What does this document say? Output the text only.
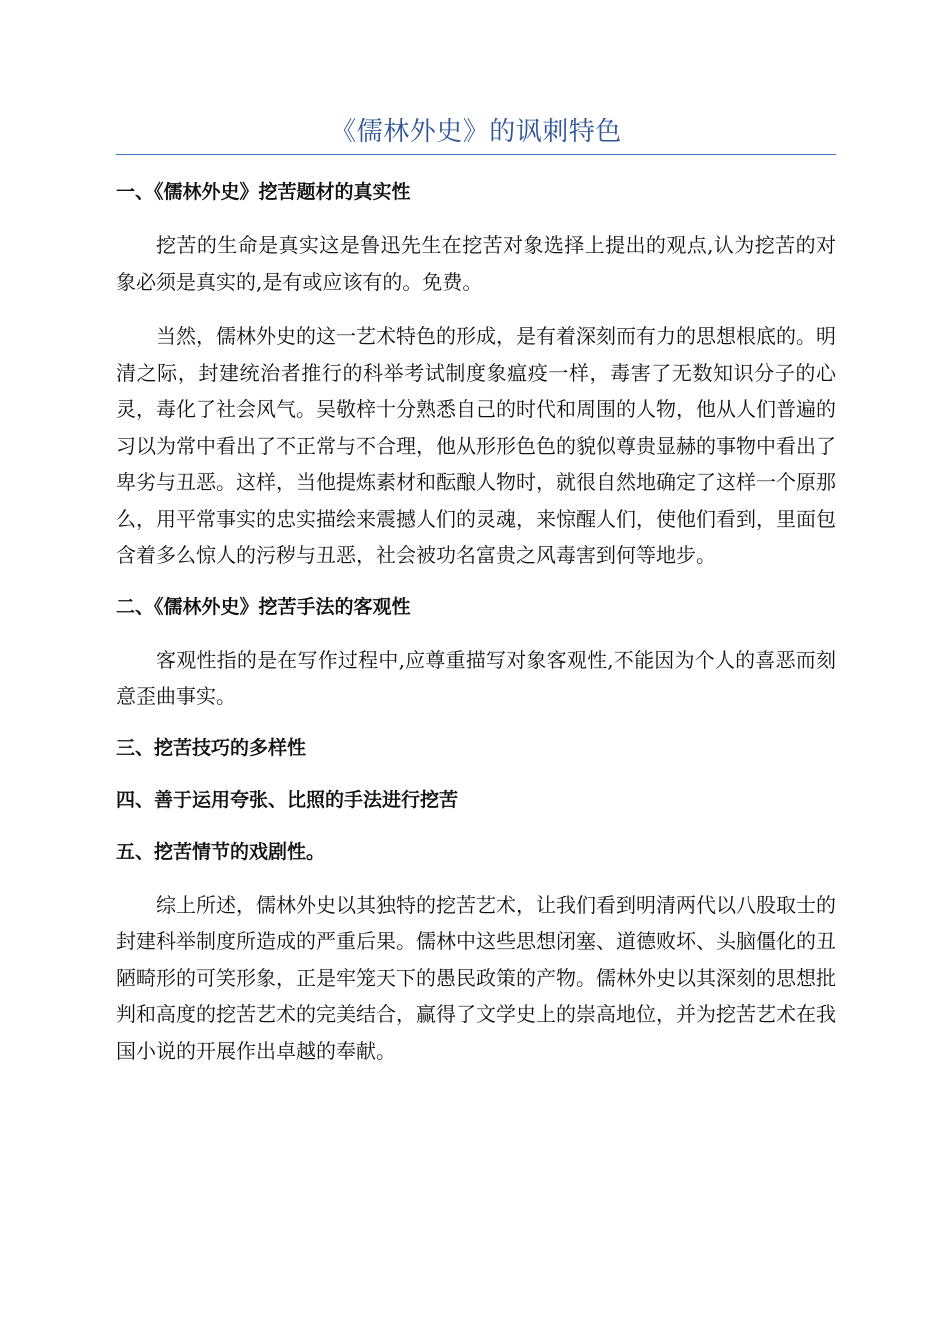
《儒林外史》的讽刺特色
一、《儒林外史》挖苦题材的真实性

挖苦的生命是真实这是鲁迅先生在挖苦对象选择上提出的观点,认为挖苦的对象必须是真实的,是有或应该有的。免费。

当然，儒林外史的这一艺术特色的形成，是有着深刻而有力的思想根底的。明清之际，封建统治者推行的科举考试制度象瘟疫一样，毒害了无数知识分子的心灵，毒化了社会风气。吴敬梓十分熟悉自己的时代和周围的人物，他从人们普遍的习以为常中看出了不正常与不合理，他从形形色色的貌似尊贵显赫的事物中看出了卑劣与丑恶。这样，当他提炼素材和酝酿人物时，就很自然地确定了这样一个原那么，用平常事实的忠实描绘来震撼人们的灵魂，来惊醒人们，使他们看到，里面包含着多么惊人的污秽与丑恶，社会被功名富贵之风毒害到何等地步。

二、《儒林外史》挖苦手法的客观性

客观性指的是在写作过程中,应尊重描写对象客观性,不能因为个人的喜恶而刻意歪曲事实。

三、挖苦技巧的多样性
四、善于运用夸张、比照的手法进行挖苦
五、挖苦情节的戏剧性。

综上所述，儒林外史以其独特的挖苦艺术，让我们看到明清两代以八股取士的封建科举制度所造成的严重后果。儒林中这些思想闭塞、道德败坏、头脑僵化的丑陋畸形的可笑形象，正是牢笼天下的愚民政策的产物。儒林外史以其深刻的思想批判和高度的挖苦艺术的完美结合，赢得了文学史上的崇高地位，并为挖苦艺术在我国小说的开展作出卓越的奉献。
